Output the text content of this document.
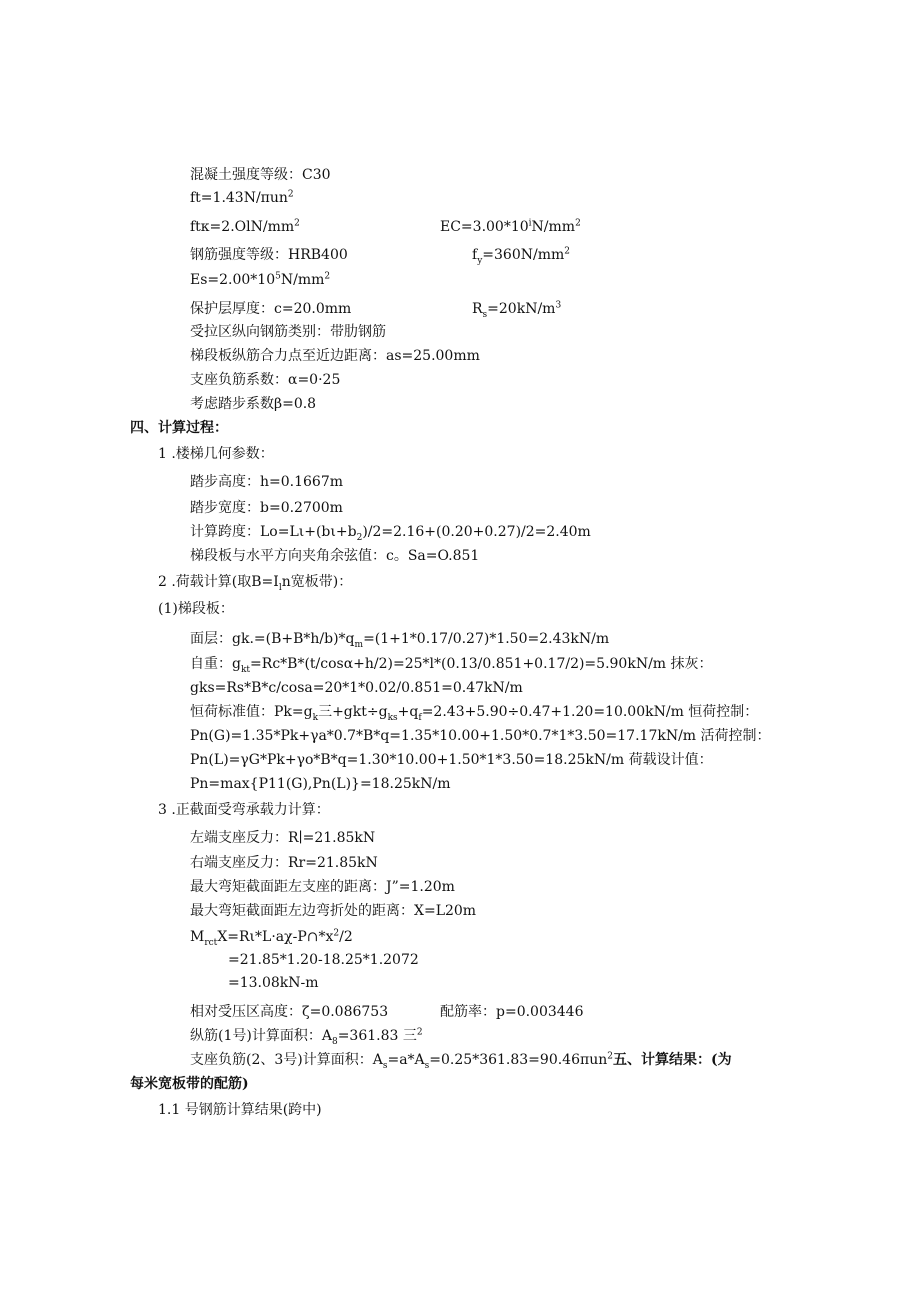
混凝土强度等级：C30
ft=1.43N/πun$^2$
$ft\kappa=2.OlN/mm^2$	$EC=3.00*10^iN/mm^2$
钢筋强度等级：HRB400	$f_y=360N/mm^2$
$Es=2.00*10^5N/mm^2$
保护层厚度：c=20.0mm	$R_s=20kN/m^3$
受拉区纵向钢筋类别：带肋钢筋
梯段板纵筋合力点至近边距离：as=25.00mm
支座负筋系数：α=0·25
考虑踏步系数β=0.8
四、计算过程：
1 .楼梯几何参数：
踏步高度：h=0.1667m
踏步宽度：b=0.2700m
计算跨度：$Lo=L\iota+(b\iota+b_2)/2=2.16+(0.20+0.27)/2=2.40m$
梯段板与水平方向夹角余弦值：c。Sa=O.851
2 .荷载计算(取$B=I_ln$宽板带)：
(1)梯段板：
面层：$gk.=(B+B*h/b)*q_m=(1+1*0.17/0.27)*1.50=2.43kN/m$
自重：$g_{kt}=Rc*B*(t/\cos\alpha+h/2)=25*l*(0.13/0.851+0.17/2)=5.90kN/m$ 抹灰：
gks=Rs*B*c/cosa=20*1*0.02/0.851=0.47kN/m
恒荷标准值：$Pk=g_k$三$+gkt\div g_{ks}+q_f=2.43+5.90\div 0.47+1.20=10.00kN/m$ 恒荷控制：
Pn(G)=1.35*Pk+γa*0.7*B*q=1.35*10.00+1.50*0.7*1*3.50=17.17kN/m 活荷控制：
Pn(L)=γG*Pk+γo*B*q=1.30*10.00+1.50*1*3.50=18.25kN/m 荷载设计值：
Pn=max{P11(G),Pn(L)}=18.25kN/m
3 .正截面受弯承载力计算：
左端支座反力：R∣=21.85kN
右端支座反力：Rr=21.85kN
最大弯矩截面距左支座的距离：J”=1.20m
最大弯矩截面距左边弯折处的距离：X=L20m
$M_{rct}X=R\iota*L\cdot a\chi-P\cap*x^2/2$
=21.85*1.20-18.25*1.2072
=13.08kN-m
相对受压区高度：ζ=0.086753	配筋率：p=0.003446
纵筋(1号)计算面积：$A_8=361.83$ 三$^2$
支座负筋(2、3号)计算面积：$A_s=a*A_s=0.25*361.83=90.46\pi un^2$五、计算结果：(为
每米宽板带的配筋)
1.1 号钢筋计算结果(跨中)
